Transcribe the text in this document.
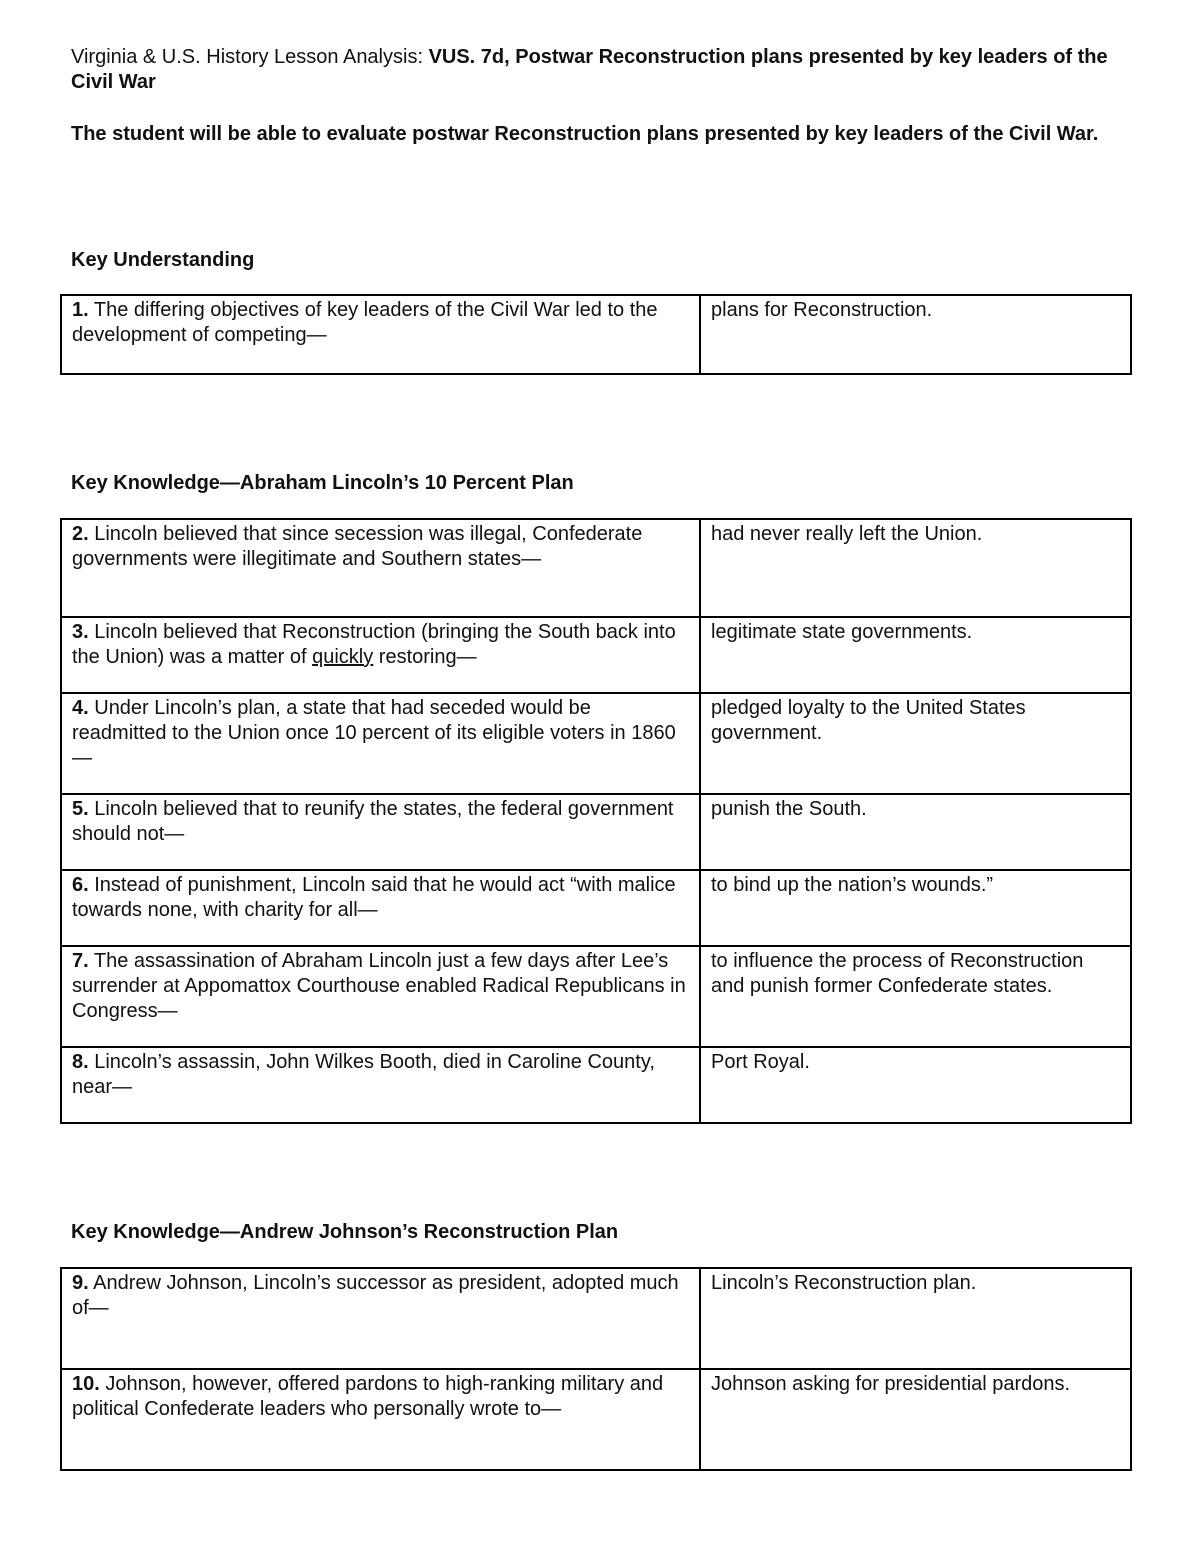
Virginia & U.S. History Lesson Analysis: VUS. 7d, Postwar Reconstruction plans presented by key leaders of the Civil War
The student will be able to evaluate postwar Reconstruction plans presented by key leaders of the Civil War.
Key Understanding
1. The differing objectives of key leaders of the Civil War led to the development of competing—	plans for Reconstruction.
Key Knowledge—Abraham Lincoln’s 10 Percent Plan
2. Lincoln believed that since secession was illegal, Confederate governments were illegitimate and Southern states—	had never really left the Union.
3. Lincoln believed that Reconstruction (bringing the South back into the Union) was a matter of quickly restoring—	legitimate state governments.
4. Under Lincoln’s plan, a state that had seceded would be readmitted to the Union once 10 percent of its eligible voters in 1860—	pledged loyalty to the United States government.
5. Lincoln believed that to reunify the states, the federal government should not—	punish the South.
6. Instead of punishment, Lincoln said that he would act “with malice towards none, with charity for all—	to bind up the nation’s wounds.”
7. The assassination of Abraham Lincoln just a few days after Lee’s surrender at Appomattox Courthouse enabled Radical Republicans in Congress—	to influence the process of Reconstruction and punish former Confederate states.
8. Lincoln’s assassin, John Wilkes Booth, died in Caroline County, near—	Port Royal.
Key Knowledge—Andrew Johnson’s Reconstruction Plan
9. Andrew Johnson, Lincoln’s successor as president, adopted much of—	Lincoln’s Reconstruction plan.
10. Johnson, however, offered pardons to high-ranking military and political Confederate leaders who personally wrote to—	Johnson asking for presidential pardons.
